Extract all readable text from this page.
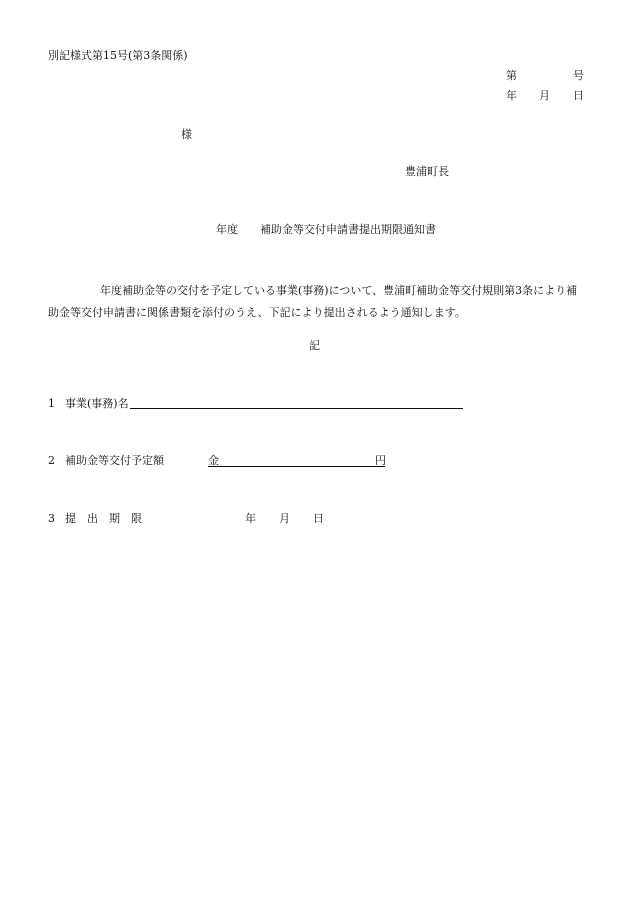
別記様式第15号(第3条関係)
第	号
年 月 日
様
豊浦町長
年度 補助金等交付申請書提出期限通知書
年度補助金等の交付を予定している事業(事務)について、豊浦町補助金等交付規則第3条により補助金等交付申請書に関係書類を添付のうえ、下記により提出されるよう通知します。
記
1 事業(事務)名
2 補助金等交付予定額	金	円
3 提出期限	年 月 日
